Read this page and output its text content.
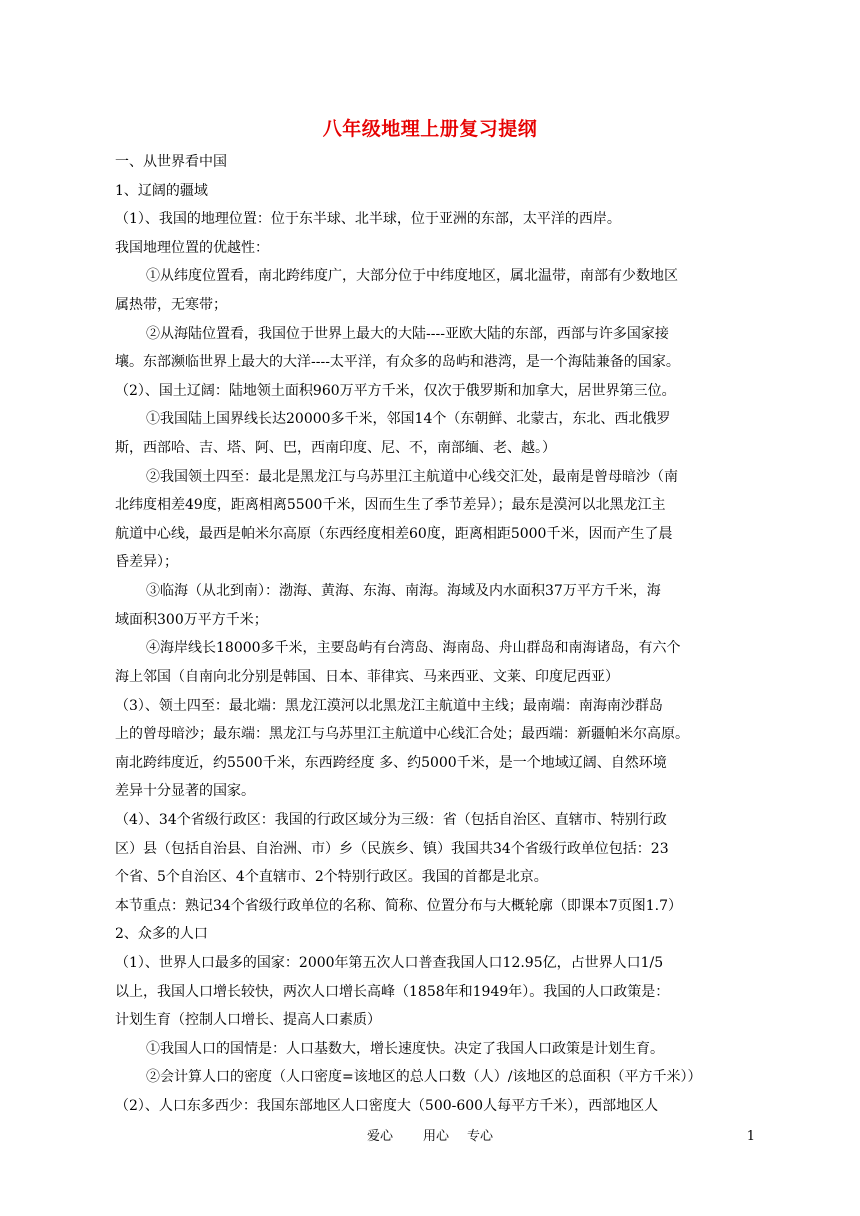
八年级地理上册复习提纲
一、从世界看中国
1、辽阔的疆域
（1）、我国的地理位置：位于东半球、北半球，位于亚洲的东部，太平洋的西岸。
我国地理位置的优越性：
①从纬度位置看，南北跨纬度广，大部分位于中纬度地区，属北温带，南部有少数地区
属热带，无寒带；
②从海陆位置看，我国位于世界上最大的大陆----亚欧大陆的东部，西部与许多国家接
壤。东部濒临世界上最大的大洋----太平洋，有众多的岛屿和港湾，是一个海陆兼备的国家。
（2）、国土辽阔：陆地领土面积960万平方千米，仅次于俄罗斯和加拿大，居世界第三位。
①我国陆上国界线长达20000多千米，邻国14个（东朝鲜、北蒙古，东北、西北俄罗
斯，西部哈、吉、塔、阿、巴，西南印度、尼、不，南部缅、老、越。）
②我国领土四至：最北是黑龙江与乌苏里江主航道中心线交汇处，最南是曾母暗沙（南
北纬度相差49度，距离相离5500千米，因而生生了季节差异）；最东是漠河以北黑龙江主
航道中心线，最西是帕米尔高原（东西经度相差60度，距离相距5000千米，因而产生了晨
昏差异）；
③临海（从北到南）：渤海、黄海、东海、南海。海域及内水面积37万平方千米，海
域面积300万平方千米；
④海岸线长18000多千米，主要岛屿有台湾岛、海南岛、舟山群岛和南海诸岛，有六个
海上邻国（自南向北分别是韩国、日本、菲律宾、马来西亚、文莱、印度尼西亚）
（3）、领土四至：最北端：黑龙江漠河以北黑龙江主航道中主线；最南端：南海南沙群岛
上的曾母暗沙；最东端：黑龙江与乌苏里江主航道中心线汇合处；最西端：新疆帕米尔高原。
南北跨纬度近，约5500千米，东西跨经度 多、约5000千米，是一个地域辽阔、自然环境
差异十分显著的国家。
（4）、34个省级行政区：我国的行政区域分为三级：省（包括自治区、直辖市、特别行政
区）县（包括自治县、自治洲、市）乡（民族乡、镇）我国共34个省级行政单位包括：23
个省、5个自治区、4个直辖市、2个特别行政区。我国的首都是北京。
本节重点：熟记34个省级行政单位的名称、简称、位置分布与大概轮廓（即课本7页图1.7）
2、众多的人口
（1）、世界人口最多的国家：2000年第五次人口普查我国人口12.95亿，占世界人口1/5
以上，我国人口增长较快，两次人口增长高峰（1858年和1949年）。我国的人口政策是：
计划生育（控制人口增长、提高人口素质）
①我国人口的国情是：人口基数大，增长速度快。决定了我国人口政策是计划生育。
②会计算人口的密度（人口密度=该地区的总人口数（人）/该地区的总面积（平方千米））
（2）、人口东多西少：我国东部地区人口密度大（500-600人每平方千米），西部地区人
爱心 用心 专心	1
